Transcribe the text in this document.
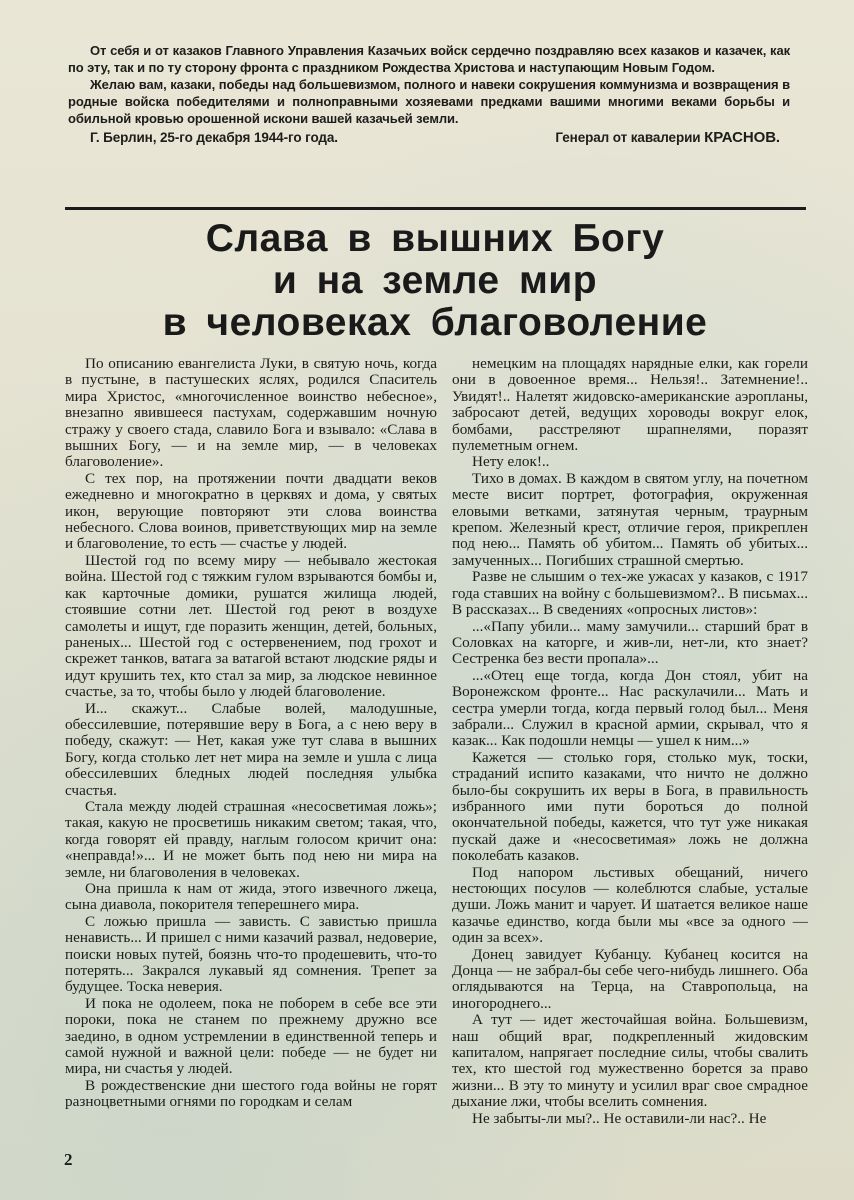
От себя и от казаков Главного Управления Казачьих войск сердечно поздравляю всех казаков и казачек, как по эту, так и по ту сторону фронта с праздником Рождества Христова и наступающим Новым Годом.

Желаю вам, казаки, победы над большевизмом, полного и навеки сокрушения коммунизма и возвращения в родные войска победителями и полноправными хозяевами предками вашими многими веками борьбы и обильной кровью орошенной искони вашей казачьей земли.

Г. Берлин, 25-го декабря 1944-го года.	Генерал от кавалерии КРАСНОВ.
Слава в вышних Богу
и на земле мир
в человеках благоволение

По описанию евангелиста Луки, в святую ночь, когда в пустыне, в пастушеских яслях, родился Спаситель мира Христос, «многочисленное воинство небесное», внезапно явившееся пастухам, содержавшим ночную стражу у своего стада, славило Бога и взывало: «Слава в вышних Богу, — и на земле мир, — в человеках благоволение».

С тех пор, на протяжении почти двадцати веков ежедневно и многократно в церквях и дома, у святых икон, верующие повторяют эти слова воинства небесного. Слова воинов, приветствующих мир на земле и благоволение, то есть — счастье у людей.

Шестой год по всему миру — небывало жестокая война. Шестой год с тяжким гулом взрываются бомбы и, как карточные домики, рушатся жилища людей, стоявшие сотни лет. Шестой год реют в воздухе самолеты и ищут, где поразить женщин, детей, больных, раненых... Шестой год с остервенением, под грохот и скрежет танков, ватага за ватагой встают людские ряды и идут крушить тех, кто стал за мир, за людское невинное счастье, за то, чтобы было у людей благоволение.

И... скажут... Слабые волей, малодушные, обессилевшие, потерявшие веру в Бога, а с нею веру в победу, скажут: — Нет, какая уже тут слава в вышних Богу, когда столько лет нет мира на земле и ушла с лица обессилевших бледных людей последняя улыбка счастья.

Стала между людей страшная «несосветимая ложь»; такая, какую не просветишь никаким светом; такая, что, когда говорят ей правду, наглым голосом кричит она: «неправда!»... И не может быть под нею ни мира на земле, ни благоволения в человеках.

Она пришла к нам от жида, этого извечного лжеца, сына диавола, покорителя теперешнего мира.

С ложью пришла — зависть. С завистью пришла ненависть... И пришел с ними казачий развал, недоверие, поиски новых путей, боязнь что-то продешевить, что-то потерять... Закрался лукавый яд сомнения. Трепет за будущее. Тоска неверия.

И пока не одолеем, пока не поборем в себе все эти пороки, пока не станем по прежнему дружно все заедино, в одном устремлении в единственной теперь и самой нужной и важной цели: победе — не будет ни мира, ни счастья у людей.

В рождественские дни шестого года войны не горят разноцветными огнями по городкам и селам

немецким на площадях нарядные елки, как горели они в довоенное время... Нельзя!.. Затемнение!.. Увидят!.. Налетят жидовско-американские аэропланы, забросают детей, ведущих хороводы вокруг елок, бомбами, расстреляют шрапнелями, поразят пулеметным огнем.

Нету елок!..

Тихо в домах. В каждом в святом углу, на почетном месте висит портрет, фотография, окруженная еловыми ветками, затянутая черным, траурным крепом. Железный крест, отличие героя, прикреплен под нею... Память об убитом... Память об убитых... замученных... Погибших страшной смертью.

Разве не слышим о тех-же ужасах у казаков, с 1917 года ставших на войну с большевизмом?.. В письмах... В рассказах... В сведениях «опросных листов»:

...«Папу убили... маму замучили... старший брат в Соловках на каторге, и жив-ли, нет-ли, кто знает? Сестренка без вести пропала»...

...«Отец еще тогда, когда Дон стоял, убит на Воронежском фронте... Нас раскулачили... Мать и сестра умерли тогда, когда первый голод был... Меня забрали... Служил в красной армии, скрывал, что я казак... Как подошли немцы — ушел к ним...»

Кажется — столько горя, столько мук, тоски, страданий испито казаками, что ничто не должно было-бы сокрушить их веры в Бога, в правильность избранного ими пути бороться до полной окончательной победы, кажется, что тут уже никакая пускай даже и «несосветимая» ложь не должна поколебать казаков.

Под напором льстивых обещаний, ничего нестоющих посулов — колеблются слабые, усталые души. Ложь манит и чарует. И шатается великое наше казачье единство, когда были мы «все за одного — один за всех».

Донец завидует Кубанцу. Кубанец косится на Донца — не забрал-бы себе чего-нибудь лишнего. Оба оглядываются на Терца, на Ставропольца, на иногороднего...

А тут — идет жесточайшая война. Большевизм, наш общий враг, подкрепленный жидовским капиталом, напрягает последние силы, чтобы свалить тех, кто шестой год мужественно борется за право жизни... В эту то минуту и усилил враг свое смрадное дыхание лжи, чтобы вселить сомнения.

Не забыты-ли мы?.. Не оставили-ли нас?.. Не

2
